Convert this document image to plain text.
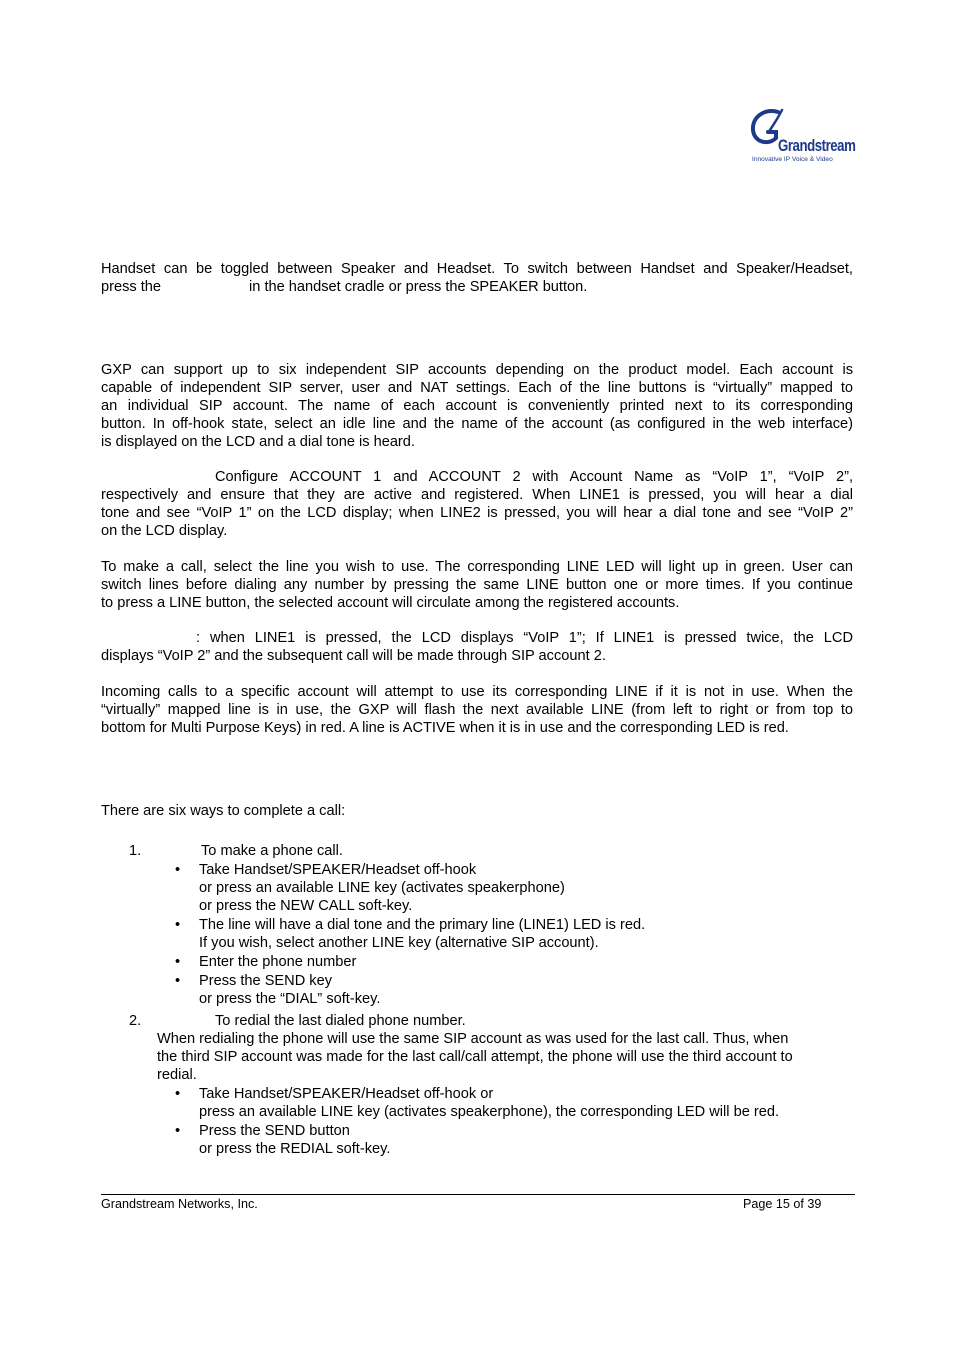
Grandstream
Innovative IP Voice & Video
Handset can be toggled between Speaker and Headset. To switch between Handset and Speaker/Headset,
press the	in the handset cradle or press the SPEAKER button.
GXP can support up to six independent SIP accounts depending on the product model. Each account is
capable of independent SIP server, user and NAT settings. Each of the line buttons is “virtually” mapped to
an individual SIP account. The name of each account is conveniently printed next to its corresponding
button. In off-hook state, select an idle line and the name of the account (as configured in the web interface)
is displayed on the LCD and a dial tone is heard.
Configure ACCOUNT 1 and ACCOUNT 2 with Account Name as “VoIP 1”, “VoIP 2”,
respectively and ensure that they are active and registered. When LINE1 is pressed, you will hear a dial
tone and see “VoIP 1” on the LCD display; when LINE2 is pressed, you will hear a dial tone and see “VoIP 2”
on the LCD display.
To make a call, select the line you wish to use. The corresponding LINE LED will light up in green. User can
switch lines before dialing any number by pressing the same LINE button one or more times. If you continue
to press a LINE button, the selected account will circulate among the registered accounts.
: when LINE1 is pressed, the LCD displays “VoIP 1”; If LINE1 is pressed twice, the LCD
displays “VoIP 2” and the subsequent call will be made through SIP account 2.
Incoming calls to a specific account will attempt to use its corresponding LINE if it is not in use. When the
“virtually” mapped line is in use, the GXP will flash the next available LINE (from left to right or from top to
bottom for Multi Purpose Keys) in red. A line is ACTIVE when it is in use and the corresponding LED is red.
There are six ways to complete a call:
1.	To make a phone call.
• Take Handset/SPEAKER/Headset off-hook
or press an available LINE key (activates speakerphone)
or press the NEW CALL soft-key.
• The line will have a dial tone and the primary line (LINE1) LED is red.
If you wish, select another LINE key (alternative SIP account).
• Enter the phone number
• Press the SEND key
or press the “DIAL” soft-key.
2.	To redial the last dialed phone number.
When redialing the phone will use the same SIP account as was used for the last call. Thus, when
the third SIP account was made for the last call/call attempt, the phone will use the third account to
redial.
• Take Handset/SPEAKER/Headset off-hook or
press an available LINE key (activates speakerphone), the corresponding LED will be red.
• Press the SEND button
or press the REDIAL soft-key.
Grandstream Networks, Inc.	Page 15 of 39
